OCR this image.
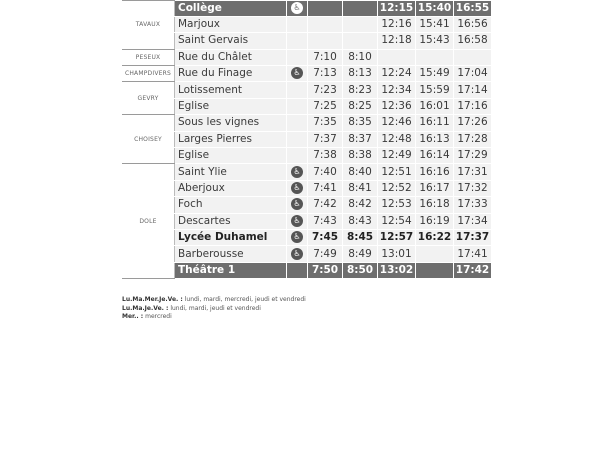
TAVAUX	Collège	♿			12:15	15:40	16:55
	Marjoux				12:16	15:41	16:56
	Saint Gervais				12:18	15:43	16:58
PESEUX	Rue du Châlet		7:10	8:10			
CHAMPDIVERS	Rue du Finage	♿	7:13	8:13	12:24	15:49	17:04
GEVRY	Lotissement		7:23	8:23	12:34	15:59	17:14
	Eglise		7:25	8:25	12:36	16:01	17:16
CHOISEY	Sous les vignes		7:35	8:35	12:46	16:11	17:26
	Larges Pierres		7:37	8:37	12:48	16:13	17:28
	Eglise		7:38	8:38	12:49	16:14	17:29
DOLE	Saint Ylie	♿	7:40	8:40	12:51	16:16	17:31
	Aberjoux	♿	7:41	8:41	12:52	16:17	17:32
	Foch	♿	7:42	8:42	12:53	16:18	17:33
	Descartes	♿	7:43	8:43	12:54	16:19	17:34
	Lycée Duhamel	♿	7:45	8:45	12:57	16:22	17:37
	Barberousse	♿	7:49	8:49	13:01		17:41
	Théâtre 1		7:50	8:50	13:02		17:42
Lu.Ma.Mer.Je.Ve. : lundi, mardi, mercredi, jeudi et vendredi
Lu.Ma.Je.Ve. : lundi, mardi, jeudi et vendredi
Mer.. : mercredi
